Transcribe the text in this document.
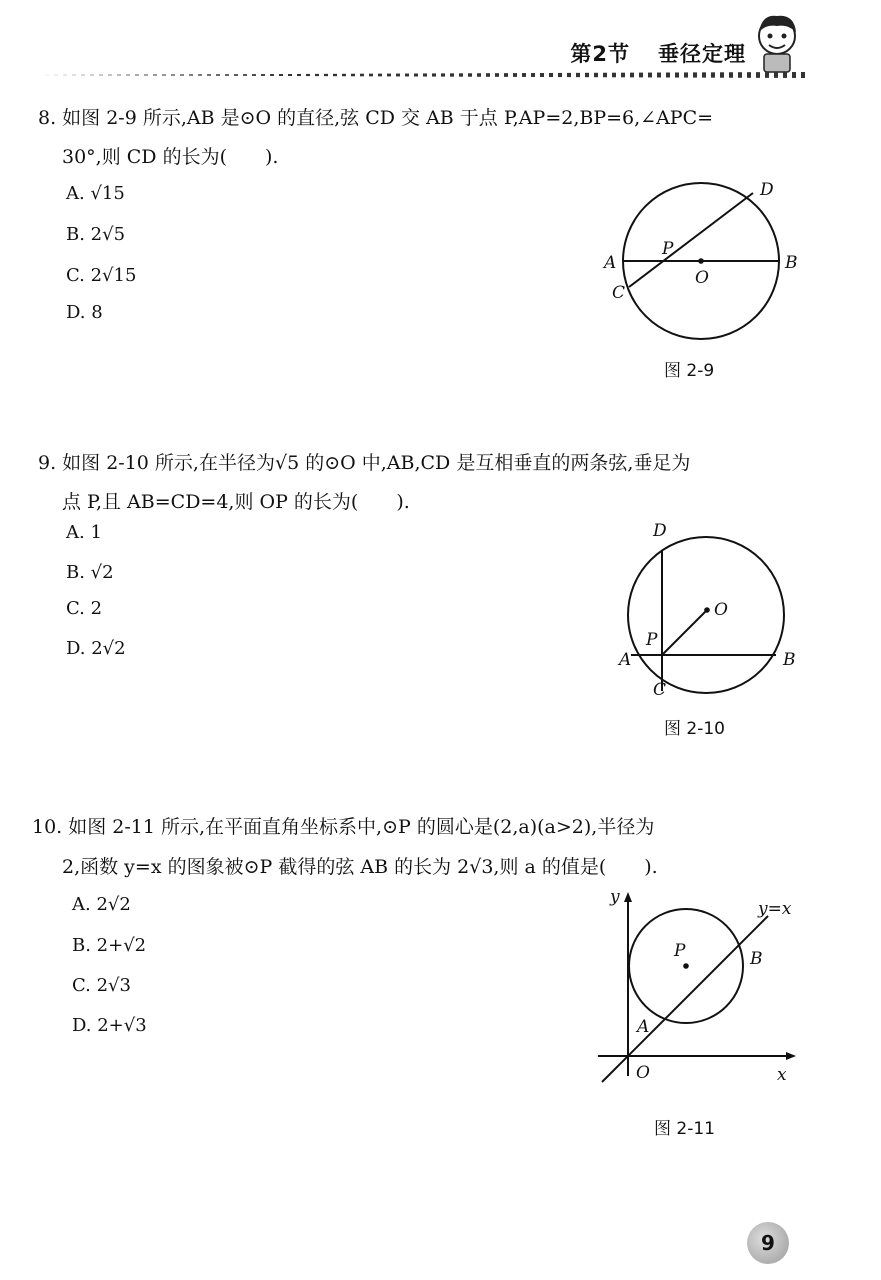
第2节 垂径定理
8. 如图 2-9 所示,AB 是⊙O 的直径,弦 CD 交 AB 于点 P,AP=2,BP=6,∠APC=
30°,则 CD 的长为(　　).
A. √15
B. 2√5
C. 2√15
D. 8
D
P
A	B
O
C
图 2-9
9. 如图 2-10 所示,在半径为√5 的⊙O 中,AB,CD 是互相垂直的两条弦,垂足为
点 P,且 AB=CD=4,则 OP 的长为(　　).
A. 1
B. √2
C. 2
D. 2√2
D
O
P
A	B
C
图 2-10
10. 如图 2-11 所示,在平面直角坐标系中,⊙P 的圆心是(2,a)(a>2),半径为
2,函数 y=x 的图象被⊙P 截得的弦 AB 的长为 2√3,则 a 的值是(　　).
A. 2√2
B. 2+√2
C. 2√3
D. 2+√3
y
y=x
P	B
A
O	x
图 2-11
9
